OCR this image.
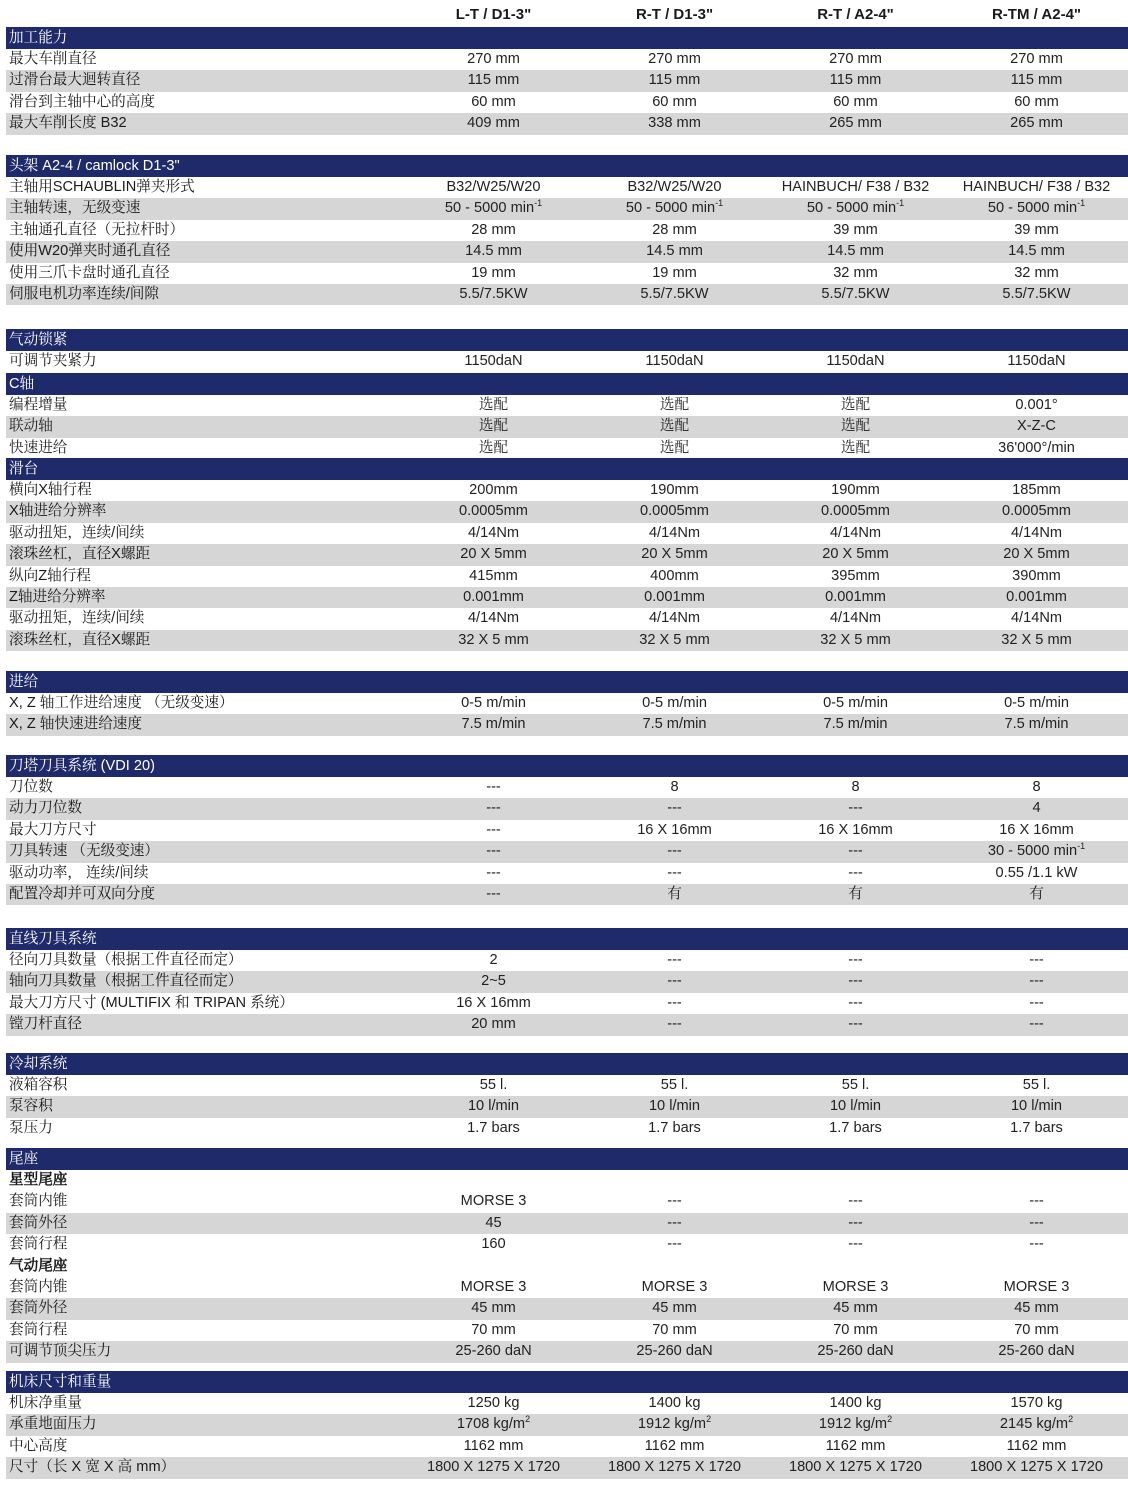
L-T / D1-3"	R-T / D1-3"	R-T / A2-4"	R-TM / A2-4"
加工能力
最大车削直径	270 mm	270 mm	270 mm	270 mm
过滑台最大迴转直径	115 mm	115 mm	115 mm	115 mm
滑台到主轴中心的高度	60 mm	60 mm	60 mm	60 mm
最大车削长度 B32	409 mm	338 mm	265 mm	265 mm
头架 A2-4 / camlock D1-3"
主轴用SCHAUBLIN弹夹形式	B32/W25/W20	B32/W25/W20	HAINBUCH/ F38 / B32	HAINBUCH/ F38 / B32
主轴转速，无级变速	50 - 5000 $\min^{-1}$	50 - 5000 $\min^{-1}$	50 - 5000 $\min^{-1}$	50 - 5000 $\min^{-1}$
主轴通孔直径（无拉杆时）	28 mm	28 mm	39 mm	39 mm
使用W20弹夹时通孔直径	14.5 mm	14.5 mm	14.5 mm	14.5 mm
使用三爪卡盘时通孔直径	19 mm	19 mm	32 mm	32 mm
伺服电机功率连续/间隙	5.5/7.5KW	5.5/7.5KW	5.5/7.5KW	5.5/7.5KW
气动锁紧
可调节夹紧力	1150daN	1150daN	1150daN	1150daN
C轴
编程增量	选配	选配	选配	0.001°
联动轴	选配	选配	选配	X-Z-C
快速进给	选配	选配	选配	36'000°/min
滑台
横向X轴行程	200mm	190mm	190mm	185mm
X轴进给分辨率	0.0005mm	0.0005mm	0.0005mm	0.0005mm
驱动扭矩，连续/间续	4/14Nm	4/14Nm	4/14Nm	4/14Nm
滚珠丝杠，直径X螺距	20 X 5mm	20 X 5mm	20 X 5mm	20 X 5mm
纵向Z轴行程	415mm	400mm	395mm	390mm
Z轴进给分辨率	0.001mm	0.001mm	0.001mm	0.001mm
驱动扭矩，连续/间续	4/14Nm	4/14Nm	4/14Nm	4/14Nm
滚珠丝杠，直径X螺距	32 X 5 mm	32 X 5 mm	32 X 5 mm	32 X 5 mm
进给
X, Z 轴工作进给速度 （无级变速）	0-5 m/min	0-5 m/min	0-5 m/min	0-5 m/min
X, Z 轴快速进给速度	7.5 m/min	7.5 m/min	7.5 m/min	7.5 m/min
刀塔刀具系统 (VDI 20)
刀位数	---	8	8	8
动力刀位数	---	---	---	4
最大刀方尺寸	---	16 X 16mm	16 X 16mm	16 X 16mm
刀具转速 （无级变速）	---	---	---	30 - 5000 $\min^{-1}$
驱动功率， 连续/间续	---	---	---	0.55 /1.1 kW
配置冷却并可双向分度	---	有	有	有
直线刀具系统
径向刀具数量（根据工件直径而定）	2	---	---	---
轴向刀具数量（根据工件直径而定）	2~5	---	---	---
最大刀方尺寸 (MULTIFIX 和 TRIPAN 系统）	16 X 16mm	---	---	---
镗刀杆直径	20 mm	---	---	---
冷却系统
液箱容积	55 l.	55 l.	55 l.	55 l.
泵容积	10 l/min	10 l/min	10 l/min	10 l/min
泵压力	1.7 bars	1.7 bars	1.7 bars	1.7 bars
尾座
星型尾座
套筒内锥	MORSE 3	---	---	---
套筒外径	45	---	---	---
套筒行程	160	---	---	---
气动尾座
套筒内锥	MORSE 3	MORSE 3	MORSE 3	MORSE 3
套筒外径	45 mm	45 mm	45 mm	45 mm
套筒行程	70 mm	70 mm	70 mm	70 mm
可调节顶尖压力	25-260 daN	25-260 daN	25-260 daN	25-260 daN
机床尺寸和重量
机床净重量	1250 kg	1400 kg	1400 kg	1570 kg
承重地面压力	1708 $kg/m^2$	1912 $kg/m^2$	1912 $kg/m^2$	2145 $kg/m^2$
中心高度	1162 mm	1162 mm	1162 mm	1162 mm
尺寸（长 X 宽 X 高 mm）	1800 X 1275 X 1720	1800 X 1275 X 1720	1800 X 1275 X 1720	1800 X 1275 X 1720
